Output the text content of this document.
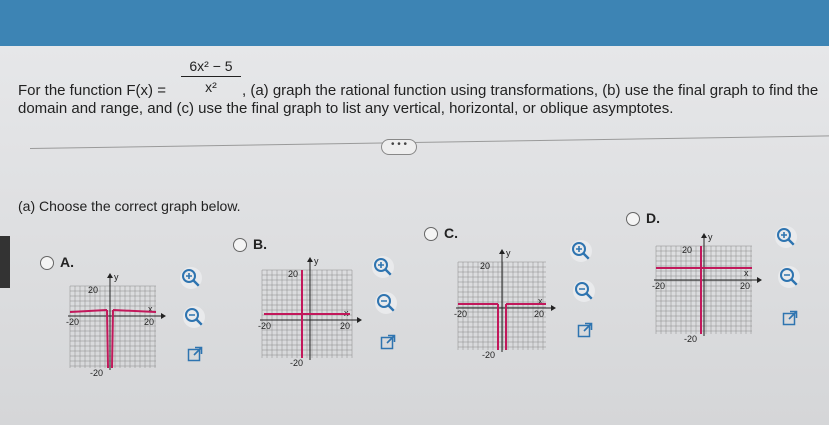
For the function $F(x) = \frac{\text{6x² − 5}}{\text{x²}}$ , (a) graph the rational function using transformations, (b) use the final graph to find the
domain and range, and (c) use the final graph to list any vertical, horizontal, or oblique asymptotes.
• • •
(a) Choose the correct graph below.
A.
y
x
20
-20
-20	20
B.
y
x
20
-20
-20	20
C.
y
x
20
-20
-20	20
D.
y
x
20
-20
-20	20
